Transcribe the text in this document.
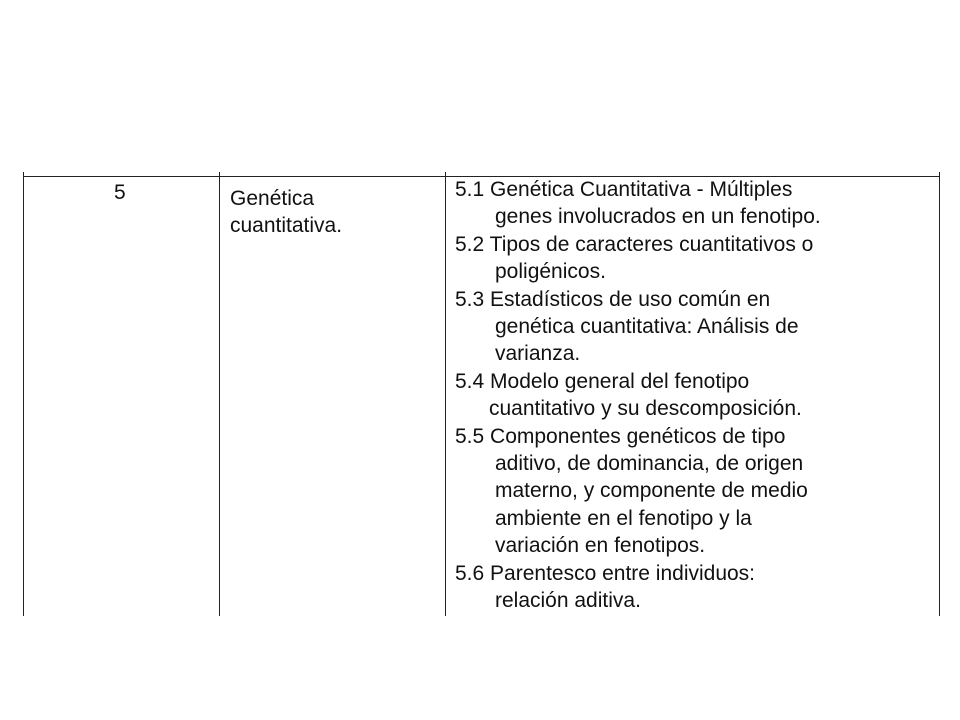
5	Genética
cuantitativa.

5.1 Genética Cuantitativa - Múltiples
genes involucrados en un fenotipo.
5.2 Tipos de caracteres cuantitativos o
poligénicos.
5.3 Estadísticos de uso común en
genética cuantitativa: Análisis de
varianza.
5.4 Modelo general del fenotipo
cuantitativo y su descomposición.
5.5 Componentes genéticos de tipo
aditivo, de dominancia, de origen
materno, y componente de medio
ambiente en el fenotipo y la
variación en fenotipos.
5.6 Parentesco entre individuos:
relación aditiva.
